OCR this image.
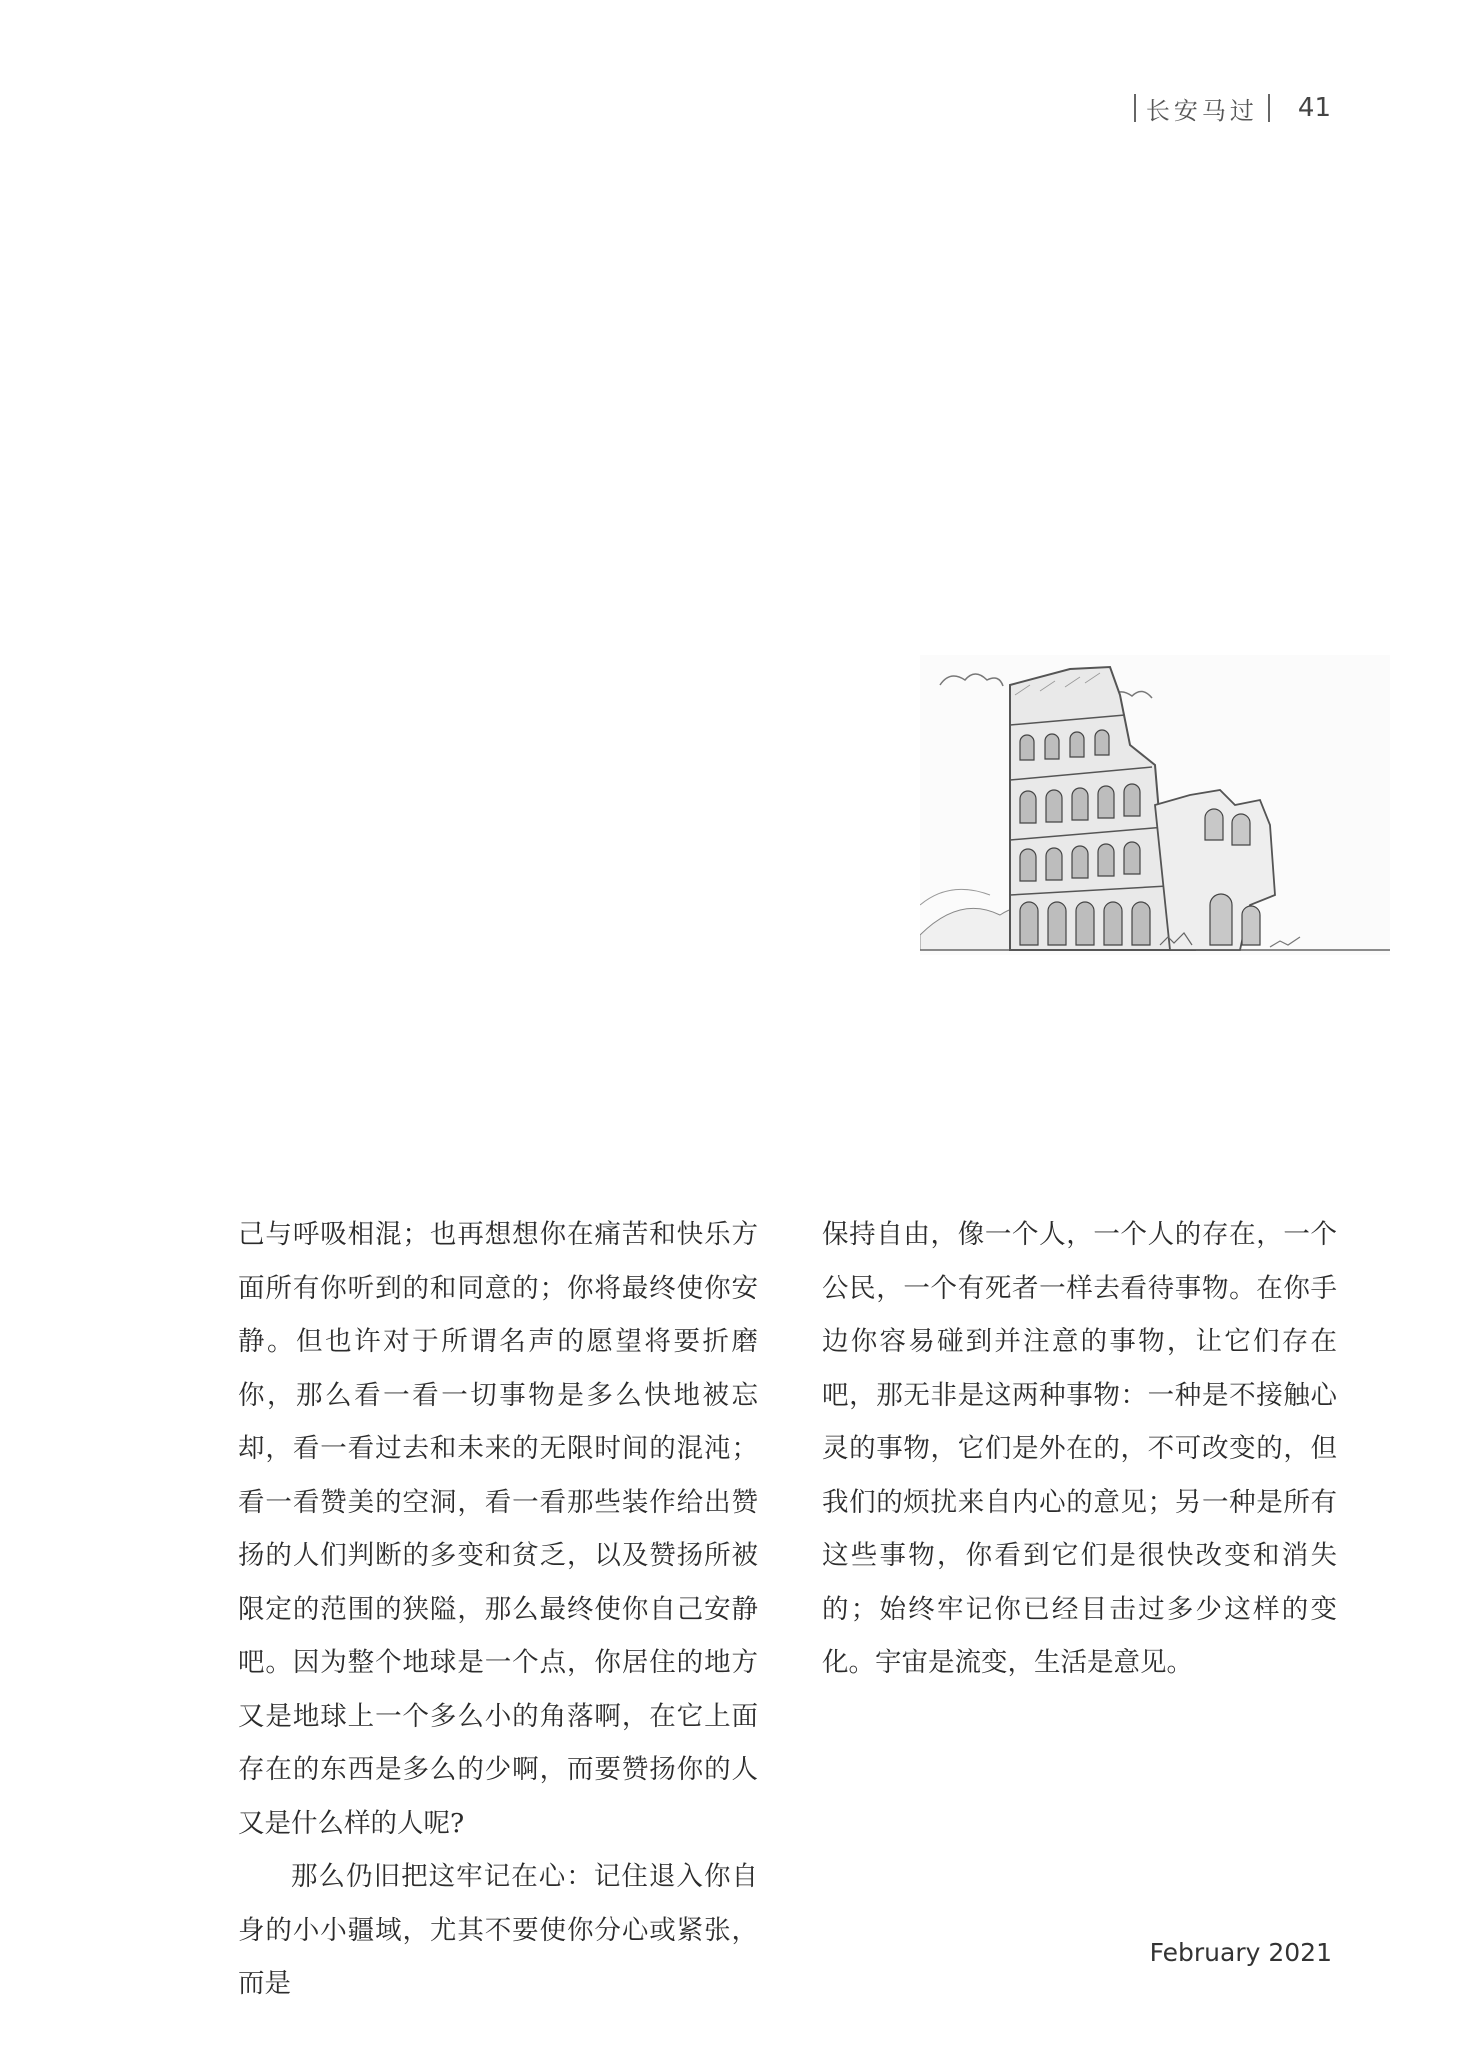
长安马过 41

己与呼吸相混；也再想想你在痛苦和快乐方面所有你听到的和同意的；你将最终使你安静。但也许对于所谓名声的愿望将要折磨你，那么看一看一切事物是多么快地被忘却，看一看过去和未来的无限时间的混沌；看一看赞美的空洞，看一看那些装作给出赞扬的人们判断的多变和贫乏，以及赞扬所被限定的范围的狭隘，那么最终使你自己安静吧。因为整个地球是一个点，你居住的地方又是地球上一个多么小的角落啊，在它上面存在的东西是多么的少啊，而要赞扬你的人又是什么样的人呢?

那么仍旧把这牢记在心：记住退入你自身的小小疆域，尤其不要使你分心或紧张，而是

保持自由，像一个人，一个人的存在，一个公民，一个有死者一样去看待事物。在你手边你容易碰到并注意的事物，让它们存在吧，那无非是这两种事物：一种是不接触心灵的事物，它们是外在的，不可改变的，但我们的烦扰来自内心的意见；另一种是所有这些事物，你看到它们是很快改变和消失的；始终牢记你已经目击过多少这样的变化。宇宙是流变，生活是意见。

February 2021
